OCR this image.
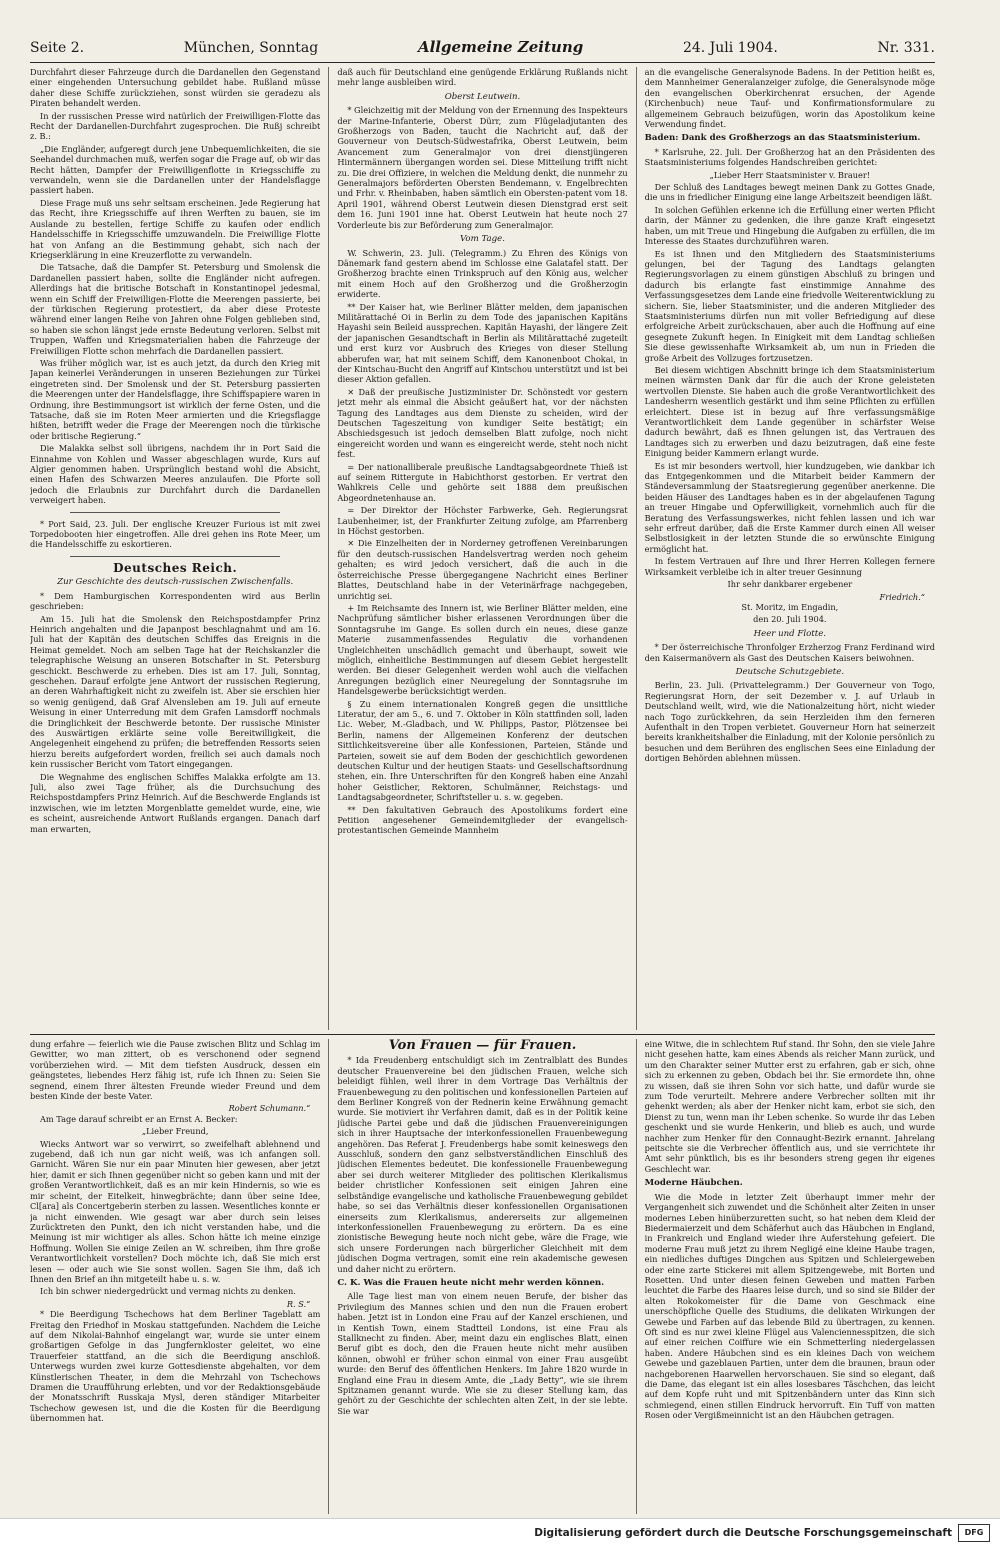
Seite 2.	München, Sonntag	Allgemeine Zeitung	24. Juli 1904.	Nr. 331.

Durchfahrt dieser Fahrzeuge durch die Dardanellen den Gegenstand einer eingehenden Untersuchung gebildet habe. Rußland müsse daher diese Schiffe zurückziehen, sonst würden sie geradezu als Piraten behandelt werden.

In der russischen Presse wird natürlich der Freiwilligen-Flotte das Recht der Dardanellen-Durchfahrt zugesprochen. Die Rußj schreibt z. B.:

„Die Engländer, aufgeregt durch jene Unbequemlichkeiten, die sie Seehandel durchmachen muß, werfen sogar die Frage auf, ob wir das Recht hätten, Dampfer der Freiwilligenflotte in Kriegsschiffe zu verwandeln, wenn sie die Dardanellen unter der Handelsflagge passiert haben.

Diese Frage muß uns sehr seltsam erscheinen. Jede Regierung hat das Recht, ihre Kriegsschiffe auf ihren Werften zu bauen, sie im Auslande zu bestellen, fertige Schiffe zu kaufen oder endlich Handelsschiffe in Kriegsschiffe umzuwandeln. Die Freiwillige Flotte hat von Anfang an die Bestimmung gehabt, sich nach der Kriegserklärung in eine Kreuzerflotte zu verwandeln.

Die Tatsache, daß die Dampfer St. Petersburg und Smolensk die Dardanellen passiert haben, sollte die Engländer nicht aufregen. Allerdings hat die britische Botschaft in Konstantinopel jedesmal, wenn ein Schiff der Freiwilligen-Flotte die Meerengen passierte, bei der türkischen Regierung protestiert, da aber diese Proteste während einer langen Reihe von Jahren ohne Folgen geblieben sind, so haben sie schon längst jede ernste Bedeutung verloren. Selbst mit Truppen, Waffen und Kriegsmaterialien haben die Fahrzeuge der Freiwilligen Flotte schon mehrfach die Dardanellen passiert.

Was früher möglich war, ist es auch jetzt, da durch den Krieg mit Japan keinerlei Veränderungen in unseren Beziehungen zur Türkei eingetreten sind. Der Smolensk und der St. Petersburg passierten die Meerengen unter der Handelsflagge, ihre Schiffspapiere waren in Ordnung, ihre Bestimmungsort ist wirklich der ferne Osten, und die Tatsache, daß sie im Roten Meer armierten und die Kriegsflagge hißten, betrifft weder die Frage der Meerengen noch die türkische oder britische Regierung.“

Die Malakka selbst soll übrigens, nachdem ihr in Port Said die Einnahme von Kohlen und Wasser abgeschlagen wurde, Kurs auf Algier genommen haben. Ursprünglich bestand wohl die Absicht, einen Hafen des Schwarzen Meeres anzulaufen. Die Pforte soll jedoch die Erlaubnis zur Durchfahrt durch die Dardanellen verweigert haben.

* Port Said, 23. Juli. Der englische Kreuzer Furious ist mit zwei Torpedobooten hier eingetroffen. Alle drei gehen ins Rote Meer, um die Handelsschiffe zu eskortieren.

Deutsches Reich.
Zur Geschichte des deutsch-russischen Zwischenfalls.

* Dem Hamburgischen Korrespondenten wird aus Berlin geschrieben:

Am 15. Juli hat die Smolensk den Reichspostdampfer Prinz Heinrich angehalten und die Japanpost beschlagnahmt und am 16. Juli hat der Kapitän des deutschen Schiffes das Ereignis in die Heimat gemeldet. Noch am selben Tage hat der Reichskanzler die telegraphische Weisung an unseren Botschafter in St. Petersburg geschickt. Beschwerde zu erheben. Dies ist am 17. Juli, Sonntag, geschehen. Darauf erfolgte jene Antwort der russischen Regierung, an deren Wahrhaftigkeit nicht zu zweifeln ist. Aber sie erschien hier so wenig genügend, daß Graf Alvensleben am 19. Juli auf erneute Weisung in einer Unterredung mit dem Grafen Lamsdorff nochmals die Dringlichkeit der Beschwerde betonte. Der russische Minister des Auswärtigen erklärte seine volle Bereitwilligkeit, die Angelegenheit eingehend zu prüfen; die betreffenden Ressorts seien hierzu bereits aufgefordert worden, freilich sei auch damals noch kein russischer Bericht vom Tatort eingegangen.

Die Wegnahme des englischen Schiffes Malakka erfolgte am 13. Juli, also zwei Tage früher, als die Durchsuchung des Reichspostdampfers Prinz Heinrich. Auf die Beschwerde Englands ist inzwischen, wie im letzten Morgenblatte gemeldet wurde, eine, wie es scheint, ausreichende Antwort Rußlands ergangen. Danach darf man erwarten,

daß auch für Deutschland eine genügende Erklärung Rußlands nicht mehr lange ausbleiben wird.

Oberst Leutwein.

* Gleichzeitig mit der Meldung von der Ernennung des Inspekteurs der Marine-Infanterie, Oberst Dürr, zum Flügeladjutanten des Großherzogs von Baden, taucht die Nachricht auf, daß der Gouverneur von Deutsch-Südwestafrika, Oberst Leutwein, beim Avancement zum Generalmajor von drei dienstjüngeren Hintermännern übergangen worden sei. Diese Mitteilung trifft nicht zu. Die drei Offiziere, in welchen die Meldung denkt, die nunmehr zu Generalmajors beförderten Obersten Bendemann, v. Engelbrechten und Frhr. v. Rheinbaben, haben sämtlich ein Obersten-patent vom 18. April 1901, während Oberst Leutwein diesen Dienstgrad erst seit dem 16. Juni 1901 inne hat. Oberst Leutwein hat heute noch 27 Vorderleute bis zur Beförderung zum Generalmajor.

Vom Tage.

W. Schwerin, 23. Juli. (Telegramm.) Zu Ehren des Königs von Dänemark fand gestern abend im Schlosse eine Galatafel statt. Der Großherzog brachte einen Trinkspruch auf den König aus, welcher mit einem Hoch auf den Großherzog und die Großherzogin erwiderte.

** Der Kaiser hat, wie Berliner Blätter melden, dem japanischen Militärattaché Oi in Berlin zu dem Tode des japanischen Kapitäns Hayashi sein Beileid aussprechen. Kapitän Hayashi, der längere Zeit der japanischen Gesandtschaft in Berlin als Militärattaché zugeteilt und erst kurz vor Ausbruch des Krieges von dieser Stellung abberufen war, hat mit seinem Schiff, dem Kanonenboot Chokai, in der Kintschau-Bucht den Angriff auf Kintschou unterstützt und ist bei dieser Aktion gefallen.

✕ Daß der preußische Justizminister Dr. Schönstedt vor gestern jetzt mehr als einmal die Absicht geäußert hat, vor der nächsten Tagung des Landtages aus dem Dienste zu scheiden, wird der Deutschen Tageszeitung von kundiger Seite bestätigt; ein Abschiedsgesuch ist jedoch demselben Blatt zufolge, noch nicht eingereicht worden und wann es eingereicht werde, steht noch nicht fest.

= Der nationalliberale preußische Landtagsabgeordnete Thieß ist auf seinem Rittergute in Habichthorst gestorben. Er vertrat den Wahlkreis Celle und gehörte seit 1888 dem preußischen Abgeordnetenhause an.

= Der Direktor der Höchster Farbwerke, Geh. Regierungsrat Laubenheimer, ist, der Frankfurter Zeitung zufolge, am Pfarrenberg in Höchst gestorben.

✕ Die Einzelheiten der in Norderney getroffenen Vereinbarungen für den deutsch-russischen Handelsvertrag werden noch geheim gehalten; es wird jedoch versichert, daß die auch in die österreichische Presse übergegangene Nachricht eines Berliner Blattes, Deutschland habe in der Veterinärfrage nachgegeben, unrichtig sei.

+ Im Reichsamte des Innern ist, wie Berliner Blätter melden, eine Nachprüfung sämtlicher bisher erlassenen Verordnungen über die Sonntagsruhe im Gange. Es sollen durch ein neues, diese ganze Materie zusammenfassendes Regulativ die vorhandenen Ungleichheiten unschädlich gemacht und überhaupt, soweit wie möglich, einheitliche Bestimmungen auf diesem Gebiet hergestellt werden. Bei dieser Gelegenheit werden wohl auch die vielfachen Anregungen bezüglich einer Neuregelung der Sonntagsruhe im Handelsgewerbe berücksichtigt werden.

§ Zu einem internationalen Kongreß gegen die unsittliche Literatur, der am 5., 6. und 7. Oktober in Köln stattfinden soll, laden Lic. Weber, M.-Gladbach, und W. Philipps, Pastor, Plötzensee bei Berlin, namens der Allgemeinen Konferenz der deutschen Sittlichkeitsvereine über alle Konfessionen, Parteien, Stände und Parteien, soweit sie auf dem Boden der geschichtlich gewordenen deutschen Kultur und der heutigen Staats- und Gesellschaftsordnung stehen, ein. Ihre Unterschriften für den Kongreß haben eine Anzahl hoher Geistlicher, Rektoren, Schulmänner, Reichstags- und Landtagsabgeordneter, Schriftsteller u. s. w. gegeben.

** Den fakultativen Gebrauch des Apostolikums fordert eine Petition angesehener Gemeindemitglieder der evangelisch-protestantischen Gemeinde Mannheim

an die evangelische Generalsynode Badens. In der Petition heißt es, dem Mannheimer Generalanzeiger zufolge, die Generalsynode möge den evangelischen Oberkirchenrat ersuchen, der Agende (Kirchenbuch) neue Tauf- und Konfirmationsformulare zu allgemeinem Gebrauch beizufügen, worin das Apostolikum keine Verwendung findet.

Baden: Dank des Großherzogs an das Staatsministerium.

* Karlsruhe, 22. Juli. Der Großherzog hat an den Präsidenten des Staatsministeriums folgendes Handschreiben gerichtet:

„Lieber Herr Staatsminister v. Brauer!

Der Schluß des Landtages bewegt meinen Dank zu Gottes Gnade, die uns in friedlicher Einigung eine lange Arbeitszeit beendigen läßt.

In solchen Gefühlen erkenne ich die Erfüllung einer werten Pflicht darin, der Männer zu gedenken, die ihre ganze Kraft eingesetzt haben, um mit Treue und Hingebung die Aufgaben zu erfüllen, die im Interesse des Staates durchzuführen waren.

Es ist Ihnen und den Mitgliedern des Staatsministeriums gelungen, bei der Tagung des Landtags gelangten Regierungsvorlagen zu einem günstigen Abschluß zu bringen und dadurch bis erlangte fast einstimmige Annahme des Verfassungsgesetzes dem Lande eine friedvolle Weiterentwicklung zu sichern. Sie, lieber Staatsminister, und die anderen Mitglieder des Staatsministeriums dürfen nun mit voller Befriedigung auf diese erfolgreiche Arbeit zurückschauen, aber auch die Hoffnung auf eine gesegnete Zukunft hegen. In Einigkeit mit dem Landtag schließen Sie diese gewissenhafte Wirksamkeit ab, um nun in Frieden die große Arbeit des Vollzuges fortzusetzen.

Bei diesem wichtigen Abschnitt bringe ich dem Staatsministerium meinen wärmsten Dank dar für die auch der Krone geleisteten wertvollen Dienste. Sie haben auch die große Verantwortlichkeit des Landesherrn wesentlich gestärkt und ihm seine Pflichten zu erfüllen erleichtert. Diese ist in bezug auf Ihre verfassungsmäßige Verantwortlichkeit dem Lande gegenüber in schärfster Weise dadurch bewährt, daß es Ihnen gelungen ist, das Vertrauen des Landtages sich zu erwerben und dazu beizutragen, daß eine feste Einigung beider Kammern erlangt wurde.

Es ist mir besonders wertvoll, hier kundzugeben, wie dankbar ich das Entgegenkommen und die Mitarbeit beider Kammern der Ständeversammlung der Staatsregierung gegenüber anerkenne. Die beiden Häuser des Landtages haben es in der abgelaufenen Tagung an treuer Hingabe und Opferwilligkeit, vornehmlich auch für die Beratung des Verfassungswerkes, nicht fehlen lassen und ich war sehr erfreut darüber, daß die Erste Kammer durch einen All weiser Selbstlosigkeit in der letzten Stunde die so erwünschte Einigung ermöglicht hat.

In festem Vertrauen auf Ihre und Ihrer Herren Kollegen fernere Wirksamkeit verbleibe ich in alter treuer Gesinnung

Ihr sehr dankbarer ergebener

Friedrich.“

St. Moritz, im Engadin,

den 20. Juli 1904.

Heer und Flotte.

* Der österreichische Thronfolger Erzherzog Franz Ferdinand wird den Kaisermanövern als Gast des Deutschen Kaisers beiwohnen.

Deutsche Schutzgebiete.

Berlin, 23. Juli. (Privattelegramm.) Der Gouverneur von Togo, Regierungsrat Horn, der seit Dezember v. J. auf Urlaub in Deutschland weilt, wird, wie die Nationalzeitung hört, nicht wieder nach Togo zurückkehren, da sein Herzleiden ihm den ferneren Aufenthalt in den Tropen verbietet. Gouverneur Horn hat seinerzeit bereits krankheitshalber die Einladung, mit der Kolonie persönlich zu besuchen und dem Berühren des englischen Sees eine Einladung der dortigen Behörden ablehnen müssen.

dung erfahre — feierlich wie die Pause zwischen Blitz und Schlag im Gewitter, wo man zittert, ob es verschonend oder segnend vorüberziehen wird. — Mit dem tiefsten Ausdruck, dessen ein geängstetes, liebendes Herz fähig ist, rufe ich Ihnen zu: Seien Sie segnend, einem Ihrer ältesten Freunde wieder Freund und dem besten Kinde der beste Vater.

Robert Schumann.“

Am Tage darauf schreibt er an Ernst A. Becker:

„Lieber Freund,

Wiecks Antwort war so verwirrt, so zweifelhaft ablehnend und zugebend, daß ich nun gar nicht weiß, was ich anfangen soll. Garnicht. Wären Sie nur ein paar Minuten hier gewesen, aber jetzt hier, damit er sich Ihnen gegenüber nicht so geben kann und mit der großen Verantwortlichkeit, daß es an mir kein Hindernis, so wie es mir scheint, der Eitelkeit, hinwegbrächte; dann über seine Idee, Cl[ara] als Concertgeberin sterben zu lassen. Wesentliches konnte er ja nicht einwenden. Wie gesagt war aber durch sein leises Zurücktreten den Punkt, den ich nicht verstanden habe, und die Meinung ist mir wichtiger als alles. Schon hätte ich meine einzige Hoffnung. Wollen Sie einige Zeilen an W. schreiben, ihm Ihre große Verantwortlichkeit vorstellen? Doch möchte ich, daß Sie mich erst lesen — oder auch wie Sie sonst wollen. Sagen Sie ihm, daß ich Ihnen den Brief an ihn mitgeteilt habe u. s. w.

Ich bin schwer niedergedrückt und vermag nichts zu denken.

R. S.“

* Die Beerdigung Tschechows hat dem Berliner Tageblatt am Freitag den Friedhof in Moskau stattgefunden. Nachdem die Leiche auf dem Nikolai-Bahnhof eingelangt war, wurde sie unter einem großartigen Gefolge in das Jungfernkloster geleitet, wo eine Trauerfeier stattfand, an die sich die Beerdigung anschloß. Unterwegs wurden zwei kurze Gottesdienste abgehalten, vor dem Künstlerischen Theater, in dem die Mehrzahl von Tschechows Dramen die Uraufführung erlebten, und vor der Redaktionsgebäude der Monatsschrift Russkaja Mysl, deren ständiger Mitarbeiter Tschechow gewesen ist, und die die Kosten für die Beerdigung übernommen hat.

Von Frauen — für Frauen.

* Ida Freudenberg entschuldigt sich im Zentralblatt des Bundes deutscher Frauenvereine bei den jüdischen Frauen, welche sich beleidigt fühlen, weil ihrer in dem Vortrage Das Verhältnis der Frauenbewegung zu den politischen und konfessionellen Parteien auf dem Berliner Kongreß von der Rednerin keine Erwähnung gemacht wurde. Sie motiviert ihr Verfahren damit, daß es in der Politik keine jüdische Partei gebe und daß die jüdischen Frauenvereinigungen sich in ihrer Hauptsache der interkonfessionellen Frauenbewegung angehören. Das Referat J. Freudenbergs habe somit keineswegs den Ausschluß, sondern den ganz selbstverständlichen Einschluß des jüdischen Elementes bedeutet. Die konfessionelle Frauenbewegung aber sei durch weiterer Mitglieder des politischen Klerikalismus beider christlicher Konfessionen seit einigen Jahren eine selbständige evangelische und katholische Frauenbewegung gebildet habe, so sei das Verhältnis dieser konfessionellen Organisationen einerseits zum Klerikalismus, andererseits zur allgemeinen interkonfessionellen Frauenbewegung zu erörtern. Da es eine zionistische Bewegung heute noch nicht gebe, wäre die Frage, wie sich unsere Forderungen nach bürgerlicher Gleichheit mit dem jüdischen Dogma vertragen, somit eine rein akademische gewesen und daher nicht zu erörtern.

C. K. Was die Frauen heute nicht mehr werden können.

Alle Tage liest man von einem neuen Berufe, der bisher das Privilegium des Mannes schien und den nun die Frauen erobert haben. Jetzt ist in London eine Frau auf der Kanzel erschienen, und in Kentish Town, einem Stadtteil Londons, ist eine Frau als Stallknecht zu finden. Aber, meint dazu ein englisches Blatt, einen Beruf gibt es doch, den die Frauen heute nicht mehr ausüben können, obwohl er früher schon einmal von einer Frau ausgeübt wurde: den Beruf des öffentlichen Henkers. Im Jahre 1820 wurde in England eine Frau in diesem Amte, die „Lady Betty“, wie sie ihrem Spitznamen genannt wurde. Wie sie zu dieser Stellung kam, das gehört zu der Geschichte der schlechten alten Zeit, in der sie lebte. Sie war

eine Witwe, die in schlechtem Ruf stand. Ihr Sohn, den sie viele Jahre nicht gesehen hatte, kam eines Abends als reicher Mann zurück, und um den Charakter seiner Mutter erst zu erfahren, gab er sich, ohne sich zu erkennen zu geben, Obdach bei ihr. Sie ermordete ihn, ohne zu wissen, daß sie ihren Sohn vor sich hatte, und dafür wurde sie zum Tode verurteilt. Mehrere andere Verbrecher sollten mit ihr gehenkt werden; als aber der Henker nicht kam, erbot sie sich, den Dienst zu tun, wenn man ihr Leben schenke. So wurde ihr das Leben geschenkt und sie wurde Henkerin, und blieb es auch, und wurde nachher zum Henker für den Connaught-Bezirk ernannt. Jahrelang peitschte sie die Verbrecher öffentlich aus, und sie verrichtete ihr Amt sehr pünktlich, bis es ihr besonders streng gegen ihr eigenes Geschlecht war.

Moderne Häubchen.

Wie die Mode in letzter Zeit überhaupt immer mehr der Vergangenheit sich zuwendet und die Schönheit alter Zeiten in unser modernes Leben hinüberzuretten sucht, so hat neben dem Kleid der Biedermaierzeit und dem Schäferhut auch das Häubchen in England, in Frankreich und England wieder ihre Auferstehung gefeiert. Die moderne Frau muß jetzt zu ihrem Negligé eine kleine Haube tragen, ein niedliches duftiges Dingchen aus Spitzen und Schleiergeweben oder eine zarte Stickerei mit allem Spitzengewebe, mit Borten und Rosetten. Und unter diesen feinen Geweben und matten Farben leuchtet die Farbe des Haares leise durch, und so sind sie Bilder der alten Rokokomeister für die Dame von Geschmack eine unerschöpfliche Quelle des Studiums, die delikaten Wirkungen der Gewebe und Farben auf das lebende Bild zu übertragen, zu kennen. Oft sind es nur zwei kleine Flügel aus Valenciennesspitzen, die sich auf einer reichen Coiffure wie ein Schmetterling niedergelassen haben. Andere Häubchen sind es ein kleines Dach von weichem Gewebe und gazeblauen Partien, unter dem die braunen, braun oder nachgeborenen Haarwellen hervorschauen. Sie sind so elegant, daß die Dame, das elegant ist ein alles losesbares Täschchen, das leicht auf dem Kopfe ruht und mit Spitzenbändern unter das Kinn sich schmiegend, einen stillen Eindruck hervorruft. Ein Tuff von matten Rosen oder Vergißmeinnicht ist an den Häubchen getragen.

Digitalisierung gefördert durch die Deutsche Forschungsgemeinschaft	DFG
